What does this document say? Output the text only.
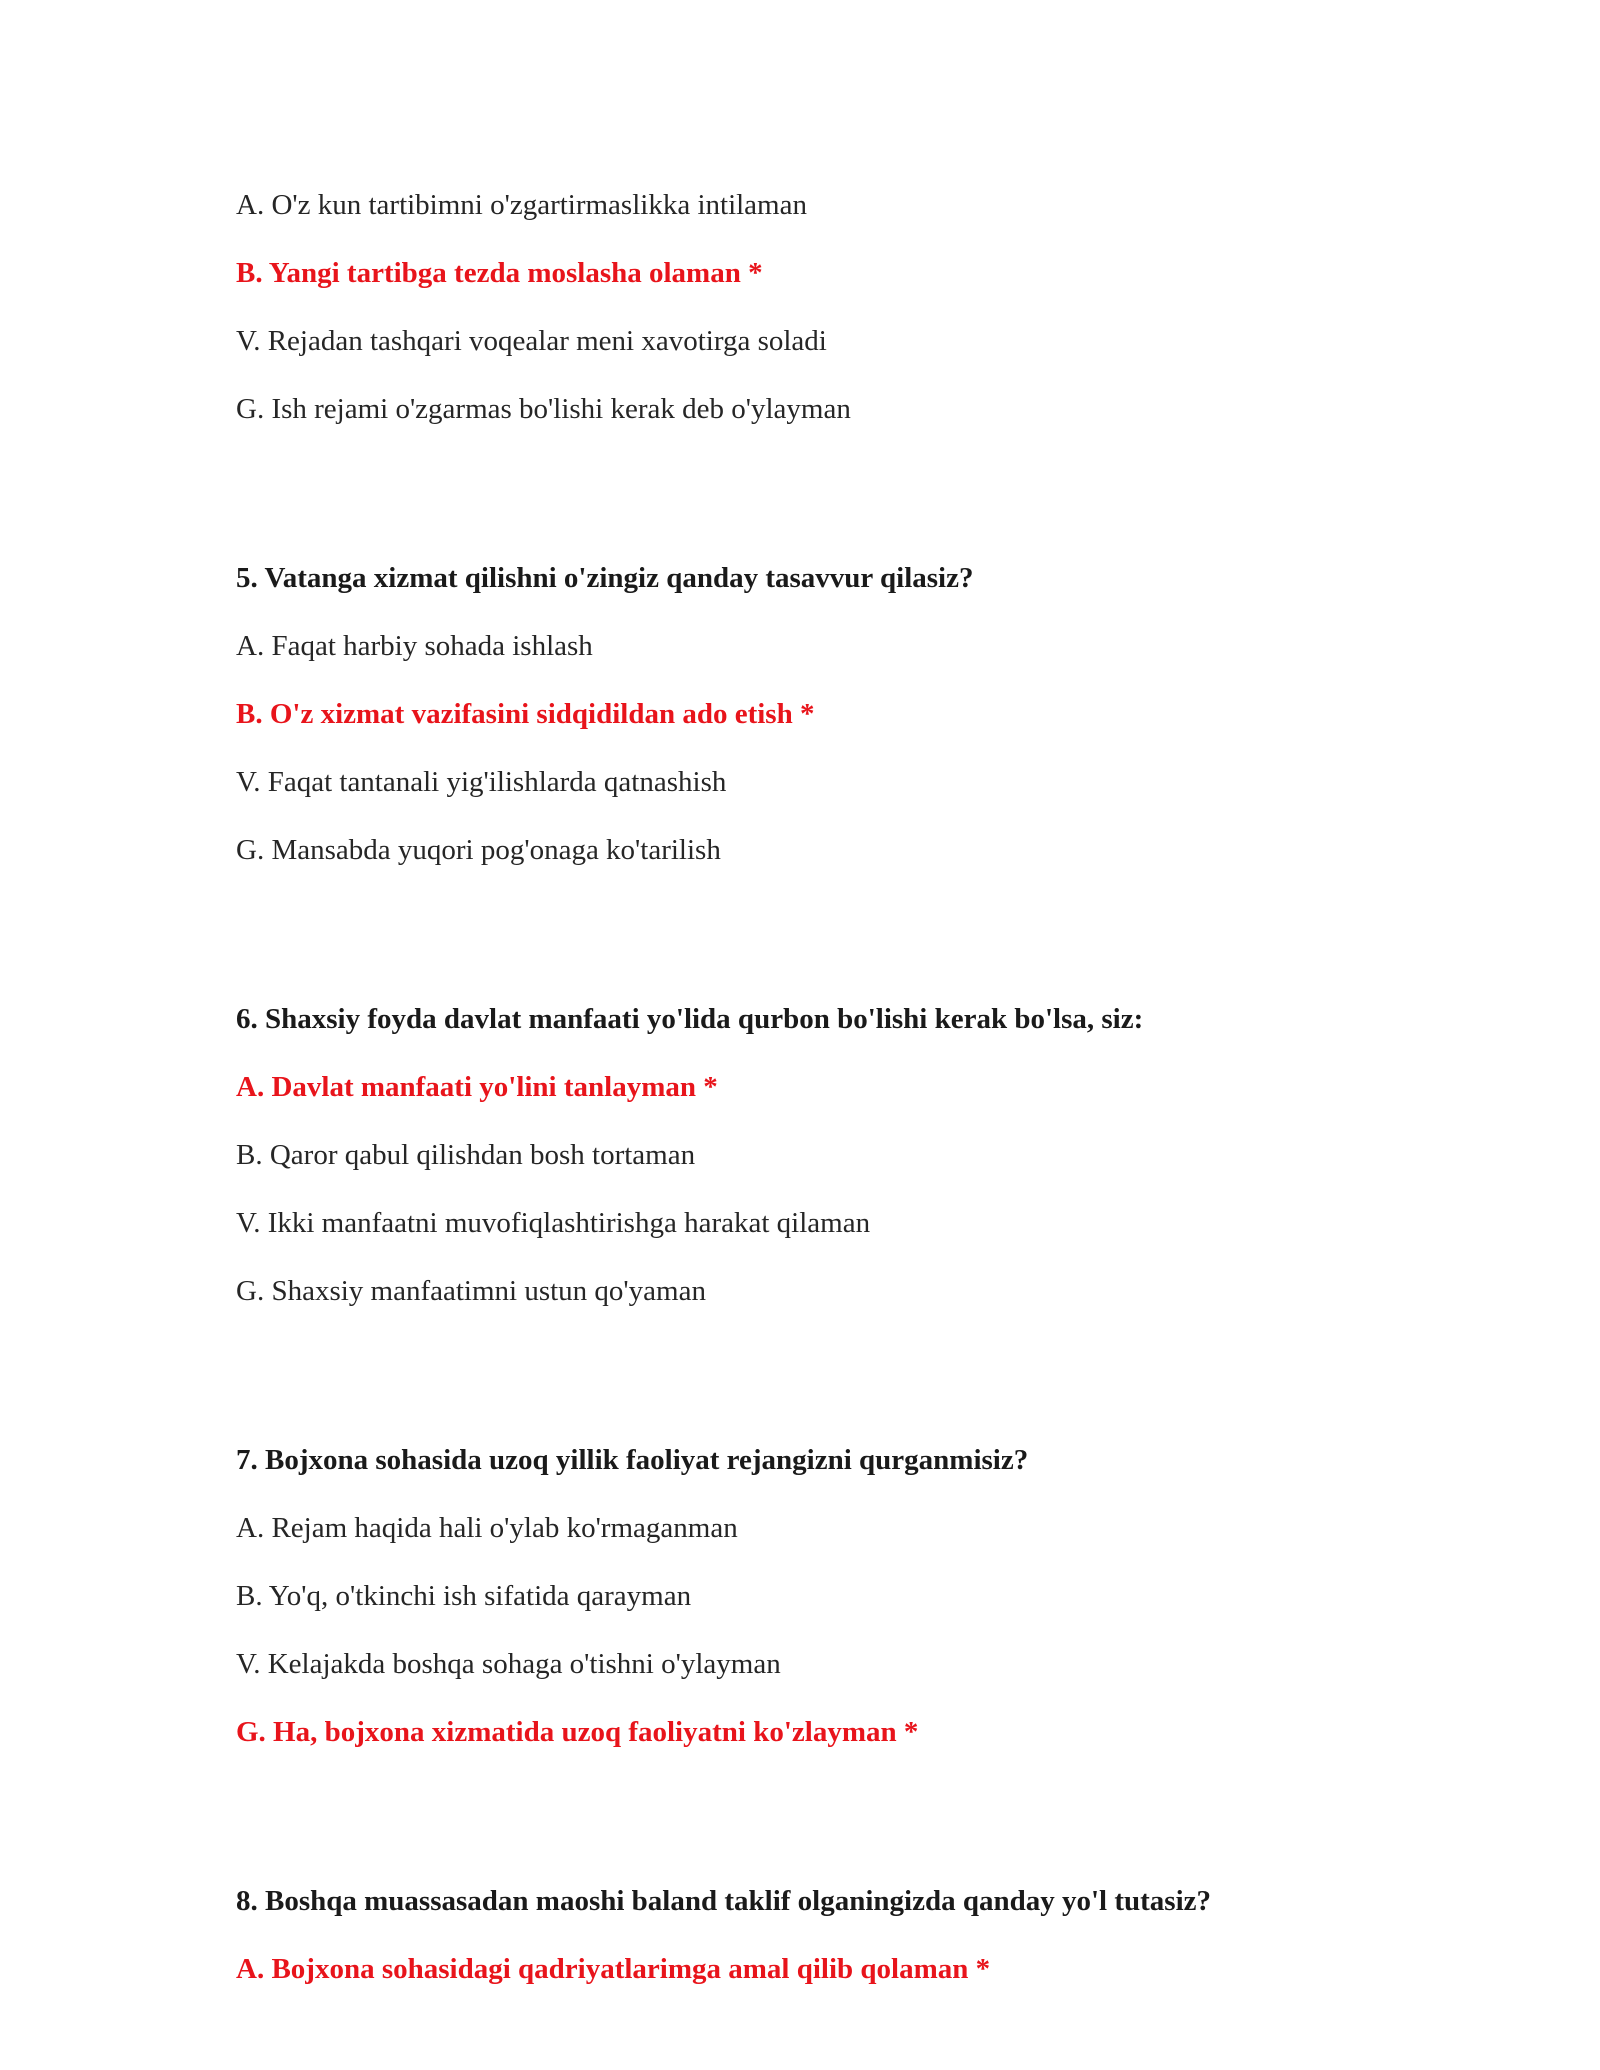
A. O'z kun tartibimni o'zgartirmaslikka intilaman
B. Yangi tartibga tezda moslasha olaman *
V. Rejadan tashqari voqealar meni xavotirga soladi
G. Ish rejami o'zgarmas bo'lishi kerak deb o'ylayman
5. Vatanga xizmat qilishni o'zingiz qanday tasavvur qilasiz?
A. Faqat harbiy sohada ishlash
B. O'z xizmat vazifasini sidqidildan ado etish *
V. Faqat tantanali yig'ilishlarda qatnashish
G. Mansabda yuqori pog'onaga ko'tarilish
6. Shaxsiy foyda davlat manfaati yo'lida qurbon bo'lishi kerak bo'lsa, siz:
A. Davlat manfaati yo'lini tanlayman *
B. Qaror qabul qilishdan bosh tortaman
V. Ikki manfaatni muvofiqlashtirishga harakat qilaman
G. Shaxsiy manfaatimni ustun qo'yaman
7. Bojxona sohasida uzoq yillik faoliyat rejangizni qurganmisiz?
A. Rejam haqida hali o'ylab ko'rmaganman
B. Yo'q, o'tkinchi ish sifatida qarayman
V. Kelajakda boshqa sohaga o'tishni o'ylayman
G. Ha, bojxona xizmatida uzoq faoliyatni ko'zlayman *
8. Boshqa muassasadan maoshi baland taklif olganingizda qanday yo'l tutasiz?
A. Bojxona sohasidagi qadriyatlarimga amal qilib qolaman *
